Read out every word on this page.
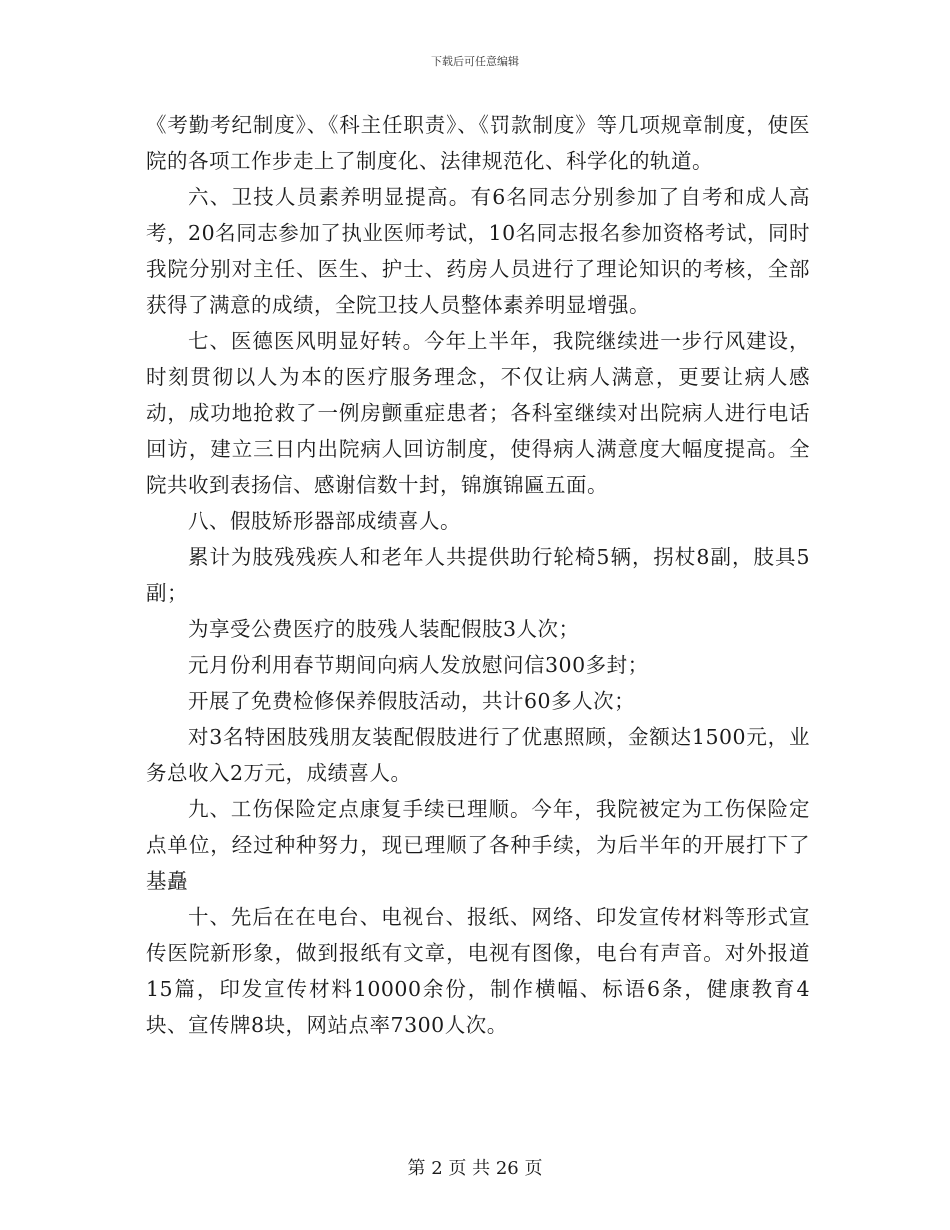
下载后可任意编辑

《考勤考纪制度》、《科主任职责》、《罚款制度》等几项规章制度，使医院的各项工作步走上了制度化、法律规范化、科学化的轨道。

六、卫技人员素养明显提高。有6名同志分别参加了自考和成人高考，20名同志参加了执业医师考试，10名同志报名参加资格考试，同时我院分别对主任、医生、护士、药房人员进行了理论知识的考核，全部获得了满意的成绩，全院卫技人员整体素养明显增强。

七、医德医风明显好转。今年上半年，我院继续进一步行风建设，时刻贯彻以人为本的医疗服务理念，不仅让病人满意，更要让病人感动，成功地抢救了一例房颤重症患者；各科室继续对出院病人进行电话回访，建立三日内出院病人回访制度，使得病人满意度大幅度提高。全院共收到表扬信、感谢信数十封，锦旗锦匾五面。

八、假肢矫形器部成绩喜人。

累计为肢残残疾人和老年人共提供助行轮椅5辆，拐杖8副，肢具5副；

为享受公费医疗的肢残人装配假肢3人次；

元月份利用春节期间向病人发放慰问信300多封；

开展了免费检修保养假肢活动，共计60多人次；

对3名特困肢残朋友装配假肢进行了优惠照顾，金额达1500元，业务总收入2万元，成绩喜人。

九、工伤保险定点康复手续已理顺。今年，我院被定为工伤保险定点单位，经过种种努力，现已理顺了各种手续，为后半年的开展打下了基矗

十、先后在在电台、电视台、报纸、网络、印发宣传材料等形式宣传医院新形象，做到报纸有文章，电视有图像，电台有声音。对外报道15篇，印发宣传材料10000余份，制作横幅、标语6条，健康教育4块、宣传牌8块，网站点率7300人次。

第 2 页 共 26 页
